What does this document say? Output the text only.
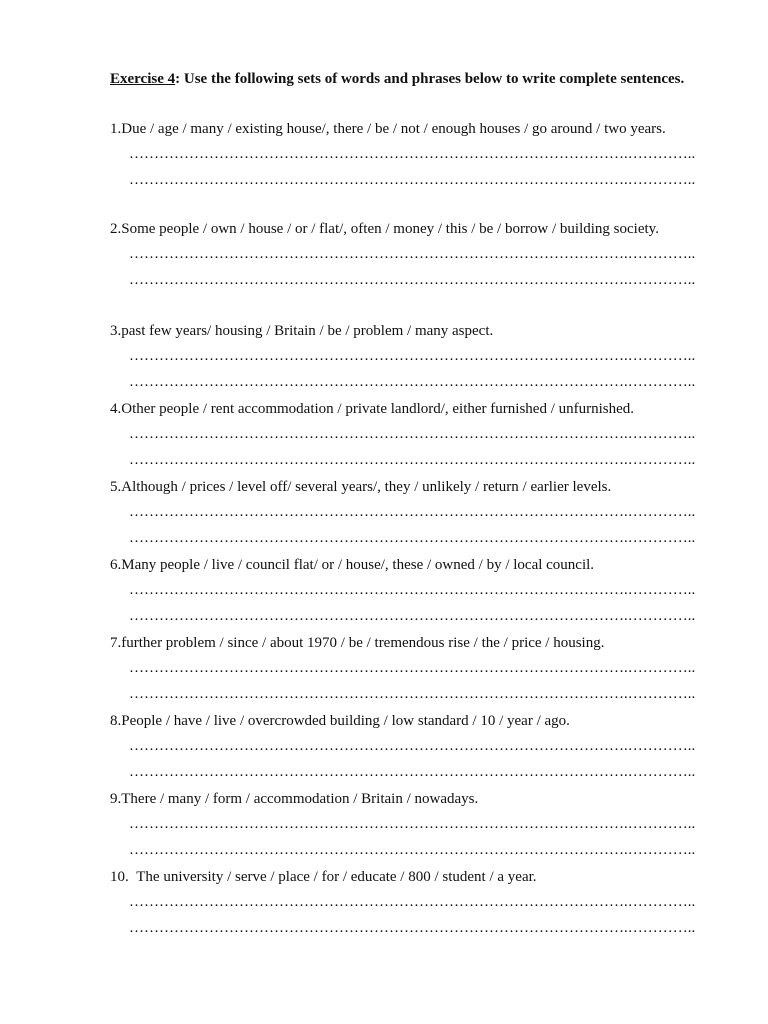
Exercise 4: Use the following sets of words and phrases below to write complete sentences.
1. Due / age / many / existing house/, there / be / not / enough houses / go around / two years.
……………………………………………………………………………………….…………..
……………………………………………………………………………………….…………..
2. Some people / own / house / or / flat/, often / money / this / be / borrow / building society.
……………………………………………………………………………………….…………..
……………………………………………………………………………………….…………..
3. past few years/ housing / Britain / be / problem / many aspect.
……………………………………………………………………………………….…………..
……………………………………………………………………………………….…………..
4. Other people / rent accommodation / private landlord/, either furnished / unfurnished.
……………………………………………………………………………………….…………..
……………………………………………………………………………………….…………..
5. Although / prices / level off/ several years/, they / unlikely / return / earlier levels.
……………………………………………………………………………………….…………..
……………………………………………………………………………………….…………..
6. Many people / live / council flat/ or / house/, these / owned / by / local council.
……………………………………………………………………………………….…………..
……………………………………………………………………………………….…………..
7. further problem / since / about 1970 / be / tremendous rise / the / price / housing.
……………………………………………………………………………………….…………..
……………………………………………………………………………………….…………..
8. People / have / live / overcrowded building / low standard / 10 / year / ago.
……………………………………………………………………………………….…………..
……………………………………………………………………………………….…………..
9. There / many / form / accommodation / Britain / nowadays.
……………………………………………………………………………………….…………..
……………………………………………………………………………………….…………..
10. The university / serve / place / for / educate / 800 / student / a year.
……………………………………………………………………………………….…………..
……………………………………………………………………………………….…………..
